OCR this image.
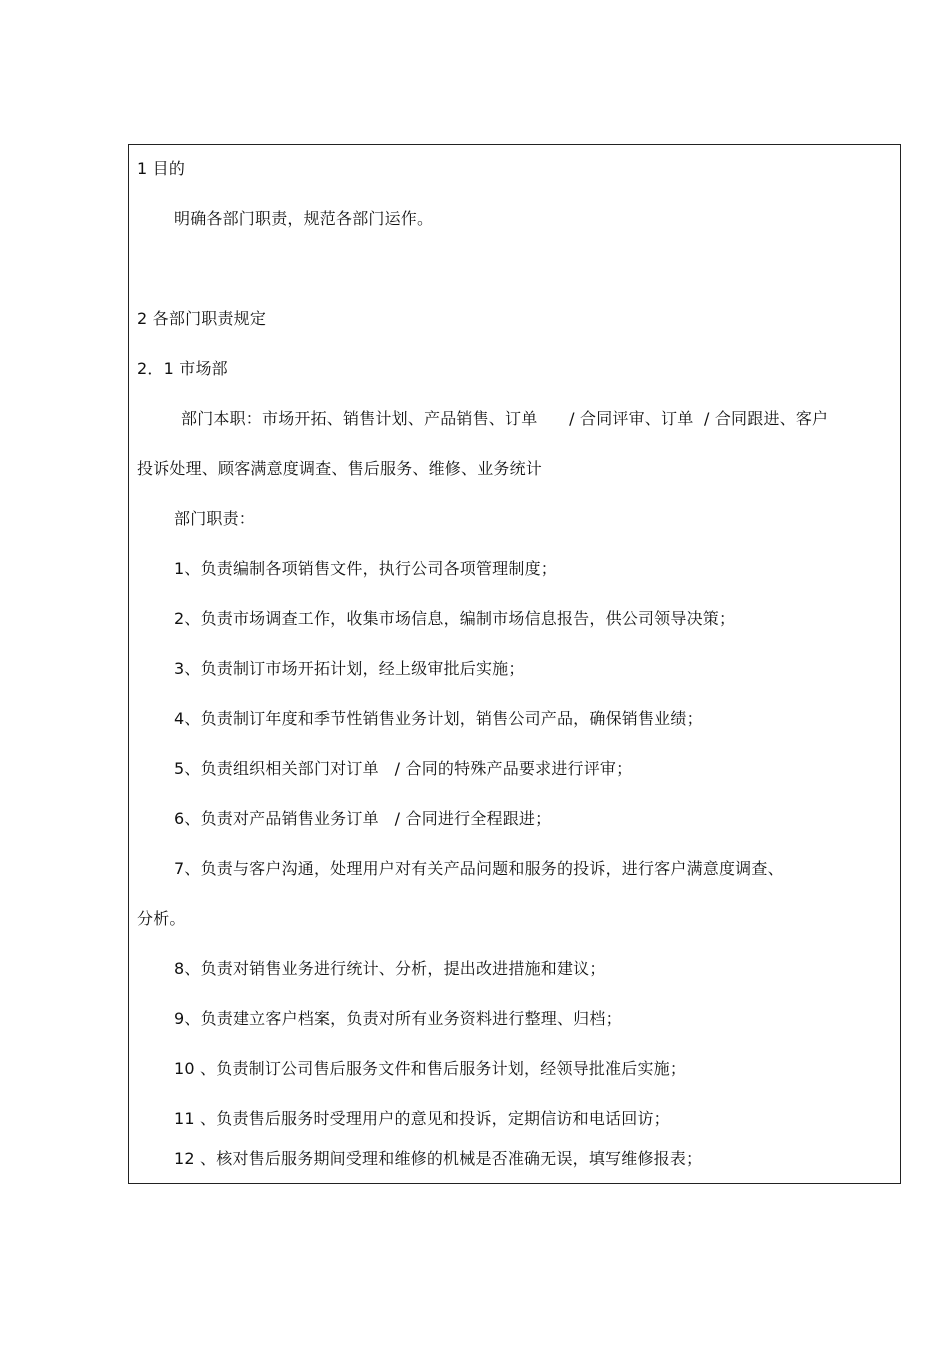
1 目的
明确各部门职责，规范各部门运作。
2 各部门职责规定
2．1 市场部
部门本职：市场开拓、销售计划、产品销售、订单      / 合同评审、订单  / 合同跟进、客户
投诉处理、顾客满意度调查、售后服务、维修、业务统计
部门职责：
1、负责编制各项销售文件，执行公司各项管理制度；
2、负责市场调查工作，收集市场信息，编制市场信息报告，供公司领导决策；
3、负责制订市场开拓计划，经上级审批后实施；
4、负责制订年度和季节性销售业务计划，销售公司产品，确保销售业绩；
5、负责组织相关部门对订单   / 合同的特殊产品要求进行评审；
6、负责对产品销售业务订单   / 合同进行全程跟进；
7、负责与客户沟通，处理用户对有关产品问题和服务的投诉，进行客户满意度调查、
分析。
8、负责对销售业务进行统计、分析，提出改进措施和建议；
9、负责建立客户档案，负责对所有业务资料进行整理、归档；
10 、负责制订公司售后服务文件和售后服务计划，经领导批准后实施；
11 、负责售后服务时受理用户的意见和投诉，定期信访和电话回访；
12 、核对售后服务期间受理和维修的机械是否准确无误，填写维修报表；
